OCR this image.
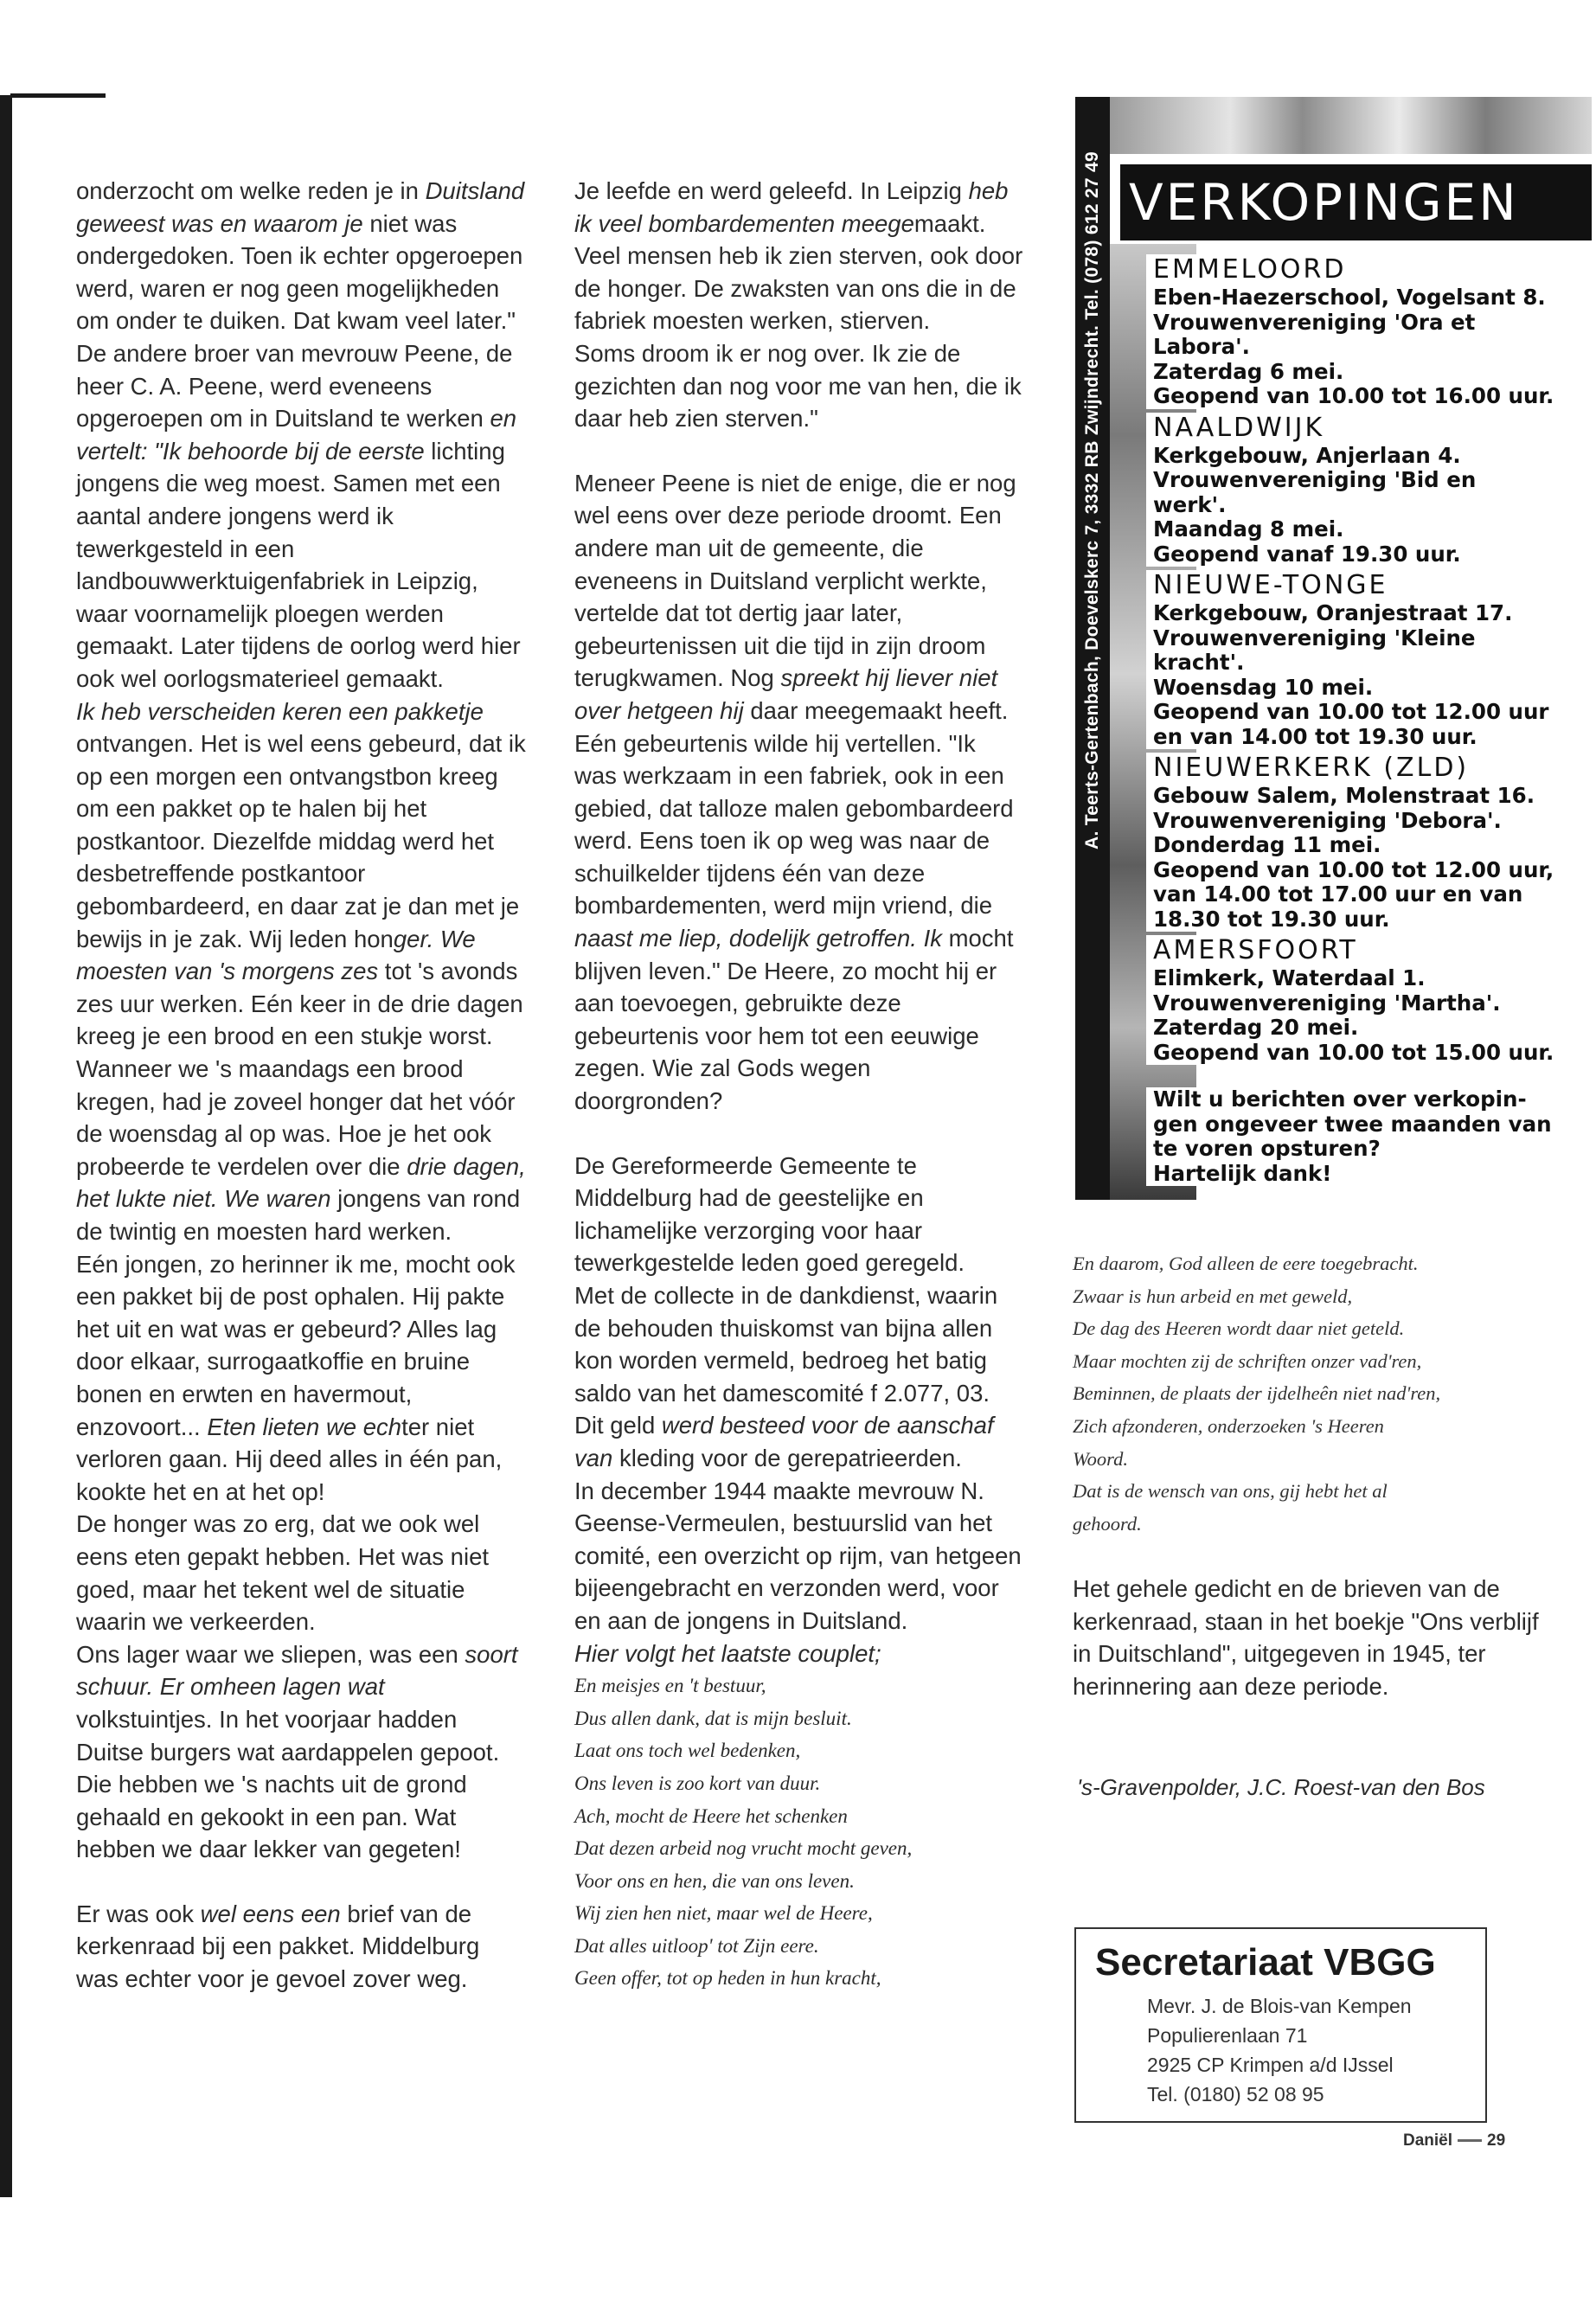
onderzocht om welke reden je in Duitsland geweest was en waarom je niet was ondergedoken. Toen ik echter opgeroepen werd, waren er nog geen mogelijkheden om onder te duiken. Dat kwam veel later."

De andere broer van mevrouw Peene, de heer C. A. Peene, werd eveneens opgeroepen om in Duitsland te werken en vertelt: "Ik behoorde bij de eerste lichting jongens die weg moest. Samen met een aantal andere jongens werd ik tewerkgesteld in een landbouwwerktuigenfabriek in Leipzig, waar voornamelijk ploegen werden gemaakt. Later tijdens de oorlog werd hier ook wel oorlogsmaterieel gemaakt.

Ik heb verscheiden keren een pakketje ontvangen. Het is wel eens gebeurd, dat ik op een morgen een ontvangstbon kreeg om een pakket op te halen bij het postkantoor. Diezelfde middag werd het desbetreffende postkantoor gebombardeerd, en daar zat je dan met je bewijs in je zak. Wij leden honger. We moesten van 's morgens zes tot 's avonds zes uur werken. Eén keer in de drie dagen kreeg je een brood en een stukje worst.

Wanneer we 's maandags een brood kregen, had je zoveel honger dat het vóór de woensdag al op was. Hoe je het ook probeerde te verdelen over die drie dagen, het lukte niet. We waren jongens van rond de twintig en moesten hard werken.

Eén jongen, zo herinner ik me, mocht ook een pakket bij de post ophalen. Hij pakte het uit en wat was er gebeurd? Alles lag door elkaar, surrogaatkoffie en bruine bonen en erwten en havermout, enzovoort... Eten lieten we echter niet verloren gaan. Hij deed alles in één pan, kookte het en at het op!

De honger was zo erg, dat we ook wel eens eten gepakt hebben. Het was niet goed, maar het tekent wel de situatie waarin we verkeerden.

Ons lager waar we sliepen, was een soort schuur. Er omheen lagen wat volkstuintjes. In het voorjaar hadden Duitse burgers wat aardappelen gepoot. Die hebben we 's nachts uit de grond gehaald en gekookt in een pan. Wat hebben we daar lekker van gegeten!

Er was ook wel eens een brief van de kerkenraad bij een pakket. Middelburg was echter voor je gevoel zover weg.

Je leefde en werd geleefd. In Leipzig heb ik veel bombardementen meegemaakt. Veel mensen heb ik zien sterven, ook door de honger. De zwaksten van ons die in de fabriek moesten werken, stierven.

Soms droom ik er nog over. Ik zie de gezichten dan nog voor me van hen, die ik daar heb zien sterven."

Meneer Peene is niet de enige, die er nog wel eens over deze periode droomt. Een andere man uit de gemeente, die eveneens in Duitsland verplicht werkte, vertelde dat tot dertig jaar later, gebeurtenissen uit die tijd in zijn droom terugkwamen. Nog spreekt hij liever niet over hetgeen hij daar meegemaakt heeft. Eén gebeurtenis wilde hij vertellen. "Ik was werkzaam in een fabriek, ook in een gebied, dat talloze malen gebombardeerd werd. Eens toen ik op weg was naar de schuilkelder tijdens één van deze bombardementen, werd mijn vriend, die naast me liep, dodelijk getroffen. Ik mocht blijven leven." De Heere, zo mocht hij er aan toevoegen, gebruikte deze gebeurtenis voor hem tot een eeuwige zegen. Wie zal Gods wegen doorgronden?

De Gereformeerde Gemeente te Middelburg had de geestelijke en lichamelijke verzorging voor haar tewerkgestelde leden goed geregeld.

Met de collecte in de dankdienst, waarin de behouden thuiskomst van bijna allen kon worden vermeld, bedroeg het batig saldo van het damescomité f 2.077, 03. Dit geld werd besteed voor de aanschaf van kleding voor de gerepatrieerden.

In december 1944 maakte mevrouw N. Geense-Vermeulen, bestuurslid van het comité, een overzicht op rijm, van hetgeen bijeengebracht en verzonden werd, voor en aan de jongens in Duitsland.

Hier volgt het laatste couplet;

En meisjes en 't bestuur,
Dus allen dank, dat is mijn besluit.
Laat ons toch wel bedenken,
Ons leven is zoo kort van duur.
Ach, mocht de Heere het schenken
Dat dezen arbeid nog vrucht mocht geven,
Voor ons en hen, die van ons leven.
Wij zien hen niet, maar wel de Heere,
Dat alles uitloop' tot Zijn eere.
Geen offer, tot op heden in hun kracht,
A. Teerts-Gertenbach, Doevelskerc 7, 3332 RB Zwijndrecht. Tel. (078) 612 27 49 VERKOPINGEN
EMMELOORD
Eben-Haezerschool, Vogelsant 8.
Vrouwenvereniging 'Ora et
Labora'.
Zaterdag 6 mei.
Geopend van 10.00 tot 16.00 uur.
NAALDWIJK
Kerkgebouw, Anjerlaan 4.
Vrouwenvereniging 'Bid en
werk'.
Maandag 8 mei.
Geopend vanaf 19.30 uur.
NIEUWE-TONGE
Kerkgebouw, Oranjestraat 17.
Vrouwenvereniging 'Kleine
kracht'.
Woensdag 10 mei.
Geopend van 10.00 tot 12.00 uur
en van 14.00 tot 19.30 uur.
NIEUWERKERK (ZLD)
Gebouw Salem, Molenstraat 16.
Vrouwenvereniging 'Debora'.
Donderdag 11 mei.
Geopend van 10.00 tot 12.00 uur,
van 14.00 tot 17.00 uur en van
18.30 tot 19.30 uur.
AMERSFOORT
Elimkerk, Waterdaal 1.
Vrouwenvereniging 'Martha'.
Zaterdag 20 mei.
Geopend van 10.00 tot 15.00 uur.
Wilt u berichten over verkopin-
gen ongeveer twee maanden van
te voren opsturen?
Hartelijk dank!
En daarom, God alleen de eere toegebracht.
Zwaar is hun arbeid en met geweld,
De dag des Heeren wordt daar niet geteld.
Maar mochten zij de schriften onzer vad'ren,
Beminnen, de plaats der ijdelheên niet nad'ren,
Zich afzonderen, onderzoeken 's Heeren
Woord.
Dat is de wensch van ons, gij hebt het al
gehoord.

Het gehele gedicht en de brieven van de kerkenraad, staan in het boekje "Ons verblijf in Duitschland", uitgegeven in 1945, ter herinnering aan deze periode.

's-Gravenpolder, J.C. Roest-van den Bos
Secretariaat VBGG
Mevr. J. de Blois-van Kempen
Populierenlaan 71
2925 CP Krimpen a/d IJssel
Tel. (0180) 52 08 95
Daniël 29
